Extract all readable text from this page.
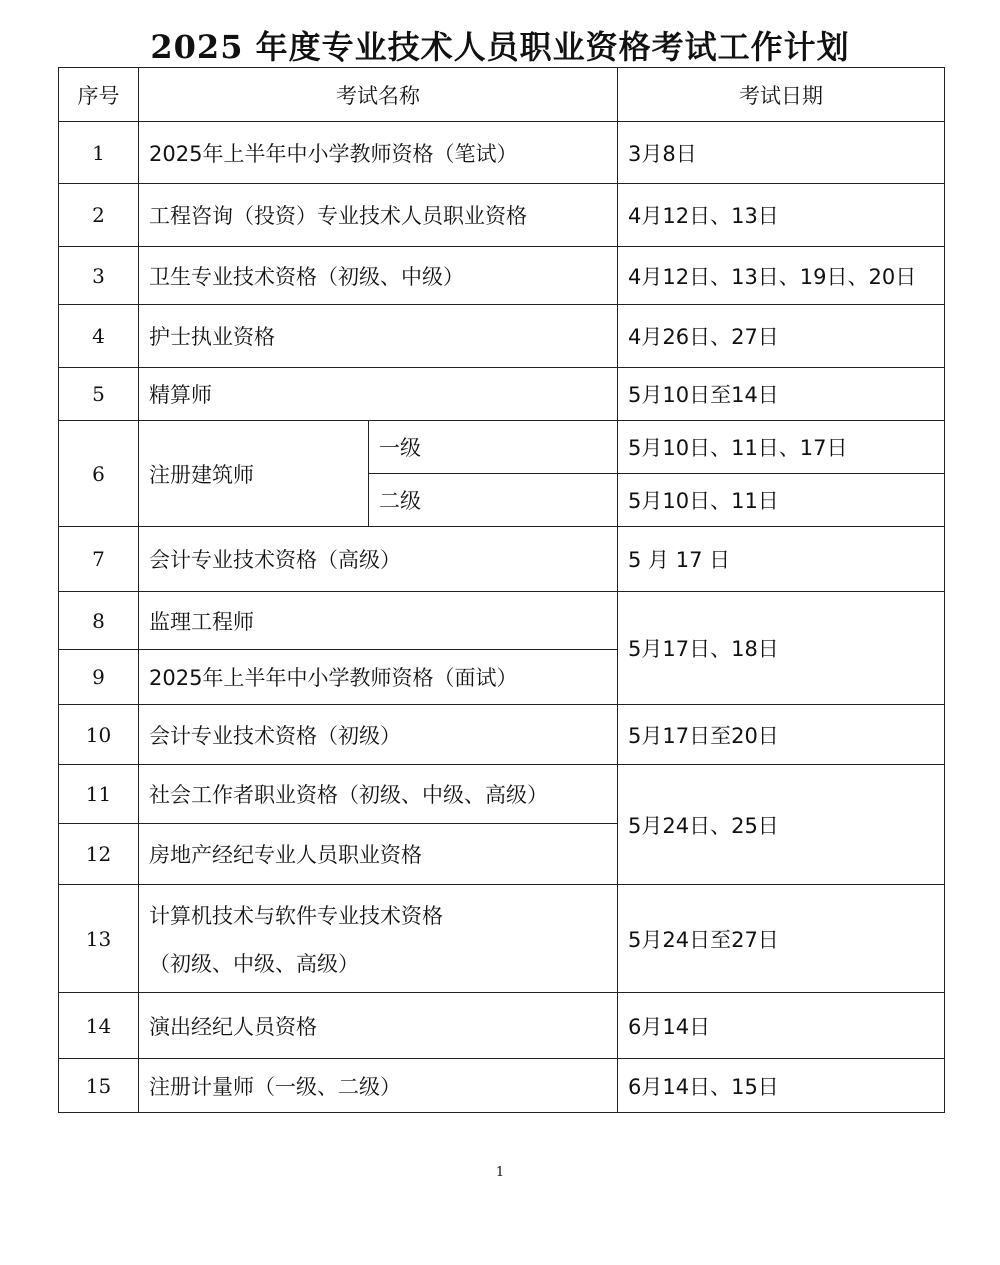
2025 年度专业技术人员职业资格考试工作计划
序号	考试名称		考试日期
1	2025年上半年中小学教师资格（笔试）		3月8日
2	工程咨询（投资）专业技术人员职业资格		4月12日、13日
3	卫生专业技术资格（初级、中级）		4月12日、13日、19日、20日
4	护士执业资格		4月26日、27日
5	精算师		5月10日至14日
6	注册建筑师	一级	5月10日、11日、17日
		二级	5月10日、11日
7	会计专业技术资格（高级）		5 月 17 日
8	监理工程师		5月17日、18日
9	2025年上半年中小学教师资格（面试）		
10	会计专业技术资格（初级）		5月17日至20日
11	社会工作者职业资格（初级、中级、高级）		5月24日、25日
12	房地产经纪专业人员职业资格		
13	计算机技术与软件专业技术资格
（初级、中级、高级）		5月24日至27日
14	演出经纪人员资格		6月14日
15	注册计量师（一级、二级）		6月14日、15日
1
